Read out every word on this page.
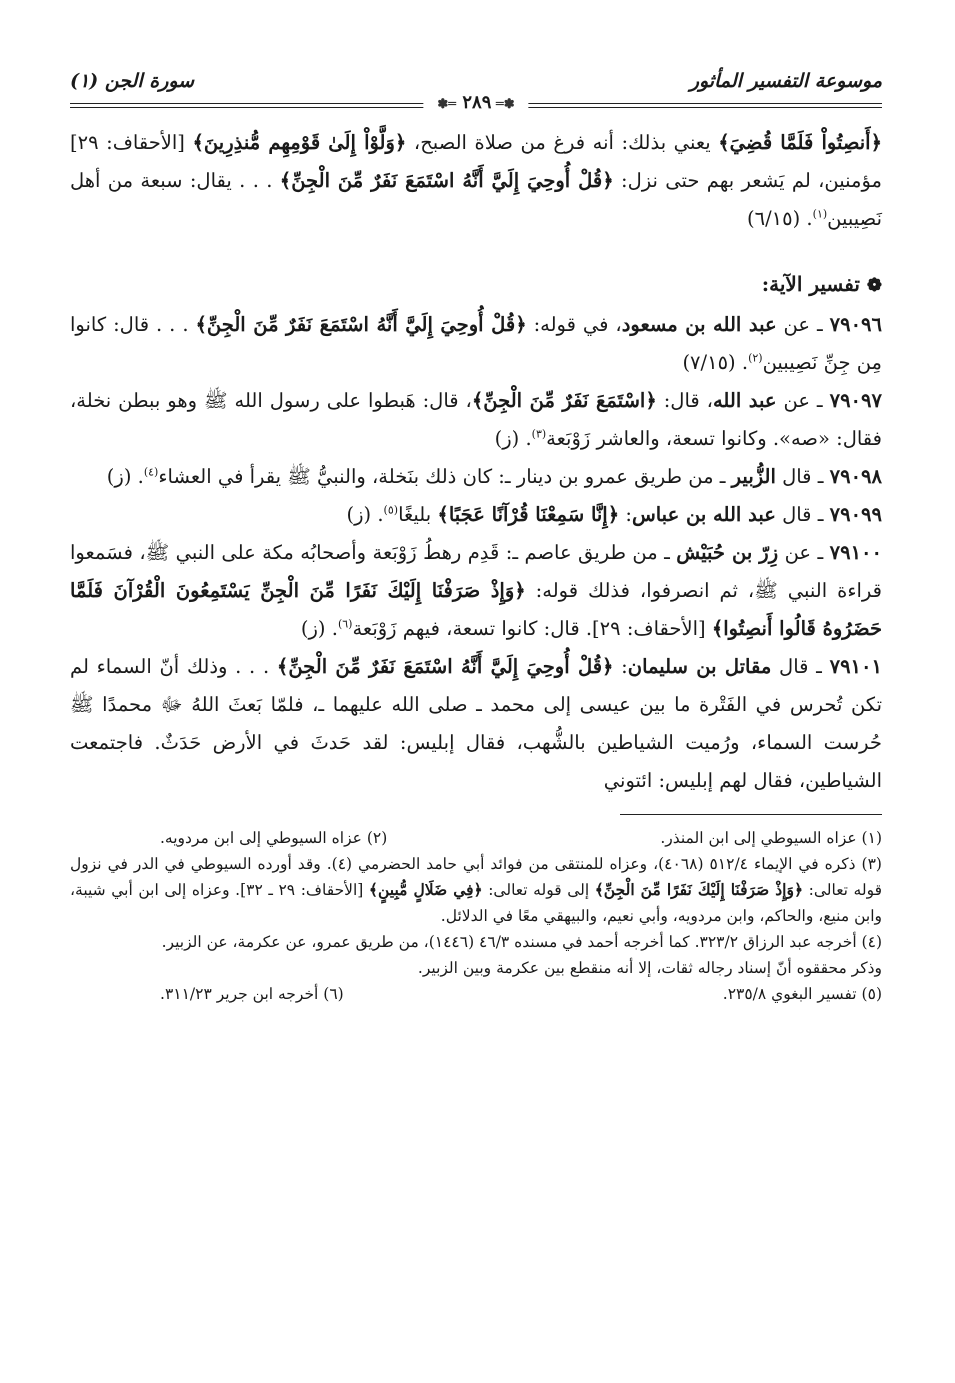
موسوعة التفسير المأثور
سورة الجن (١)
✽═ ٢٨٩ ═✽

﴿أَنصِتُواْ فَلَمَّا قُضِيَ﴾ يعني بذلك: أنه فرغ من صلاة الصبح، ﴿وَلَّوْاْ إِلَىٰ قَوْمِهِم مُّنذِرِينَ﴾ [الأحقاف: ٢٩] مؤمنين، لم يَشعر بهم حتى نزل: ﴿قُلْ أُوحِيَ إِلَيَّ أَنَّهُ اسْتَمَعَ نَفَرٌ مِّنَ الْجِنِّ﴾ . . . يقال: سبعة من أهل نَصِيبين$^{(١)}$. (٦/١٥)

❁ تفسير الآية:

٧٩٠٩٦ ـ عن عبد الله بن مسعود، في قوله: ﴿قُلْ أُوحِيَ إِلَيَّ أَنَّهُ اسْتَمَعَ نَفَرٌ مِّنَ الْجِنِّ﴾ . . . قال: كانوا مِن جِنِّ نَصِيبين$^{(٢)}$. (٧/١٥)

٧٩٠٩٧ ـ عن عبد الله، قال: ﴿اسْتَمَعَ نَفَرٌ مِّنَ الْجِنِّ﴾، قال: هَبطوا على رسول الله ﷺ وهو ببطن نخلة، فقال: «صه». وكانوا تسعة، والعاشر زَوْبَعة$^{(٣)}$. (ز)

٧٩٠٩٨ ـ قال الزُّبير ـ من طريق عمرو بن دينار ـ: كان ذلك بنَخلة، والنبيُّ ﷺ يقرأ في العشاء$^{(٤)}$. (ز)

٧٩٠٩٩ ـ قال عبد الله بن عباس: ﴿إِنَّا سَمِعْنَا قُرْآنًا عَجَبًا﴾ بليغًا$^{(٥)}$. (ز)

٧٩١٠٠ ـ عن زِرّ بن حُبَيْش ـ من طريق عاصم ـ: قَدِم رهطُ زَوْبَعة وأصحابُه مكة على النبي ﷺ، فسَمعوا قراءة النبي ﷺ، ثم انصرفوا، فذلك قوله: ﴿وَإِذْ صَرَفْنَا إِلَيْكَ نَفَرًا مِّنَ الْجِنِّ يَسْتَمِعُونَ الْقُرْآنَ فَلَمَّا حَضَرُوهُ قَالُوا أَنصِتُوا﴾ [الأحقاف: ٢٩]. قال: كانوا تسعة، فيهم زَوْبَعة$^{(٦)}$. (ز)

٧٩١٠١ ـ قال مقاتل بن سليمان: ﴿قُلْ أُوحِيَ إِلَيَّ أَنَّهُ اسْتَمَعَ نَفَرٌ مِّنَ الْجِنِّ﴾ . . . وذلك أنّ السماء لم تكن تُحرس في الفَتْرة ما بين عيسى إلى محمد ـ صلى الله عليهما ـ، فلمّا بَعثَ اللهُ ﷻ محمدًا ﷺ حُرست السماء، ورُميت الشياطين بالشُّهب، فقال إبليس: لقد حَدثَ في الأرض حَدَثٌ. فاجتمعت الشياطين، فقال لهم إبليس: ائتوني

(١) عزاه السيوطي إلى ابن المنذر.
(٢) عزاه السيوطي إلى ابن مردويه.

(٣) ذكره في الإيماء ٥١٢/٤ (٤٠٦٨)، وعزاه للمنتقى من فوائد أبي حامد الحضرمي (٤). وقد أورده السيوطي في الدر في نزول قوله تعالى: ﴿وَإِذْ صَرَفْنَا إِلَيْكَ نَفَرًا مِّنَ الْجِنِّ﴾ إلى قوله تعالى: ﴿فِي ضَلَالٍ مُّبِينٍ﴾ [الأحقاف: ٢٩ ـ ٣٢]. وعزاه إلى ابن أبي شيبة، وابن منيع، والحاكم، وابن مردويه، وأبي نعيم، والبيهقي معًا في الدلائل.

(٤) أخرجه عبد الرزاق ٣٢٣/٢. كما أخرجه أحمد في مسنده ٤٦/٣ (١٤٤٦)، من طريق عمرو، عن عكرمة، عن الزبير.

وذكر محققوه أنّ إسناد رجاله ثقات، إلا أنه منقطع بين عكرمة وبين الزبير.

(٥) تفسير البغوي ٢٣٥/٨.
(٦) أخرجه ابن جرير ٣١١/٢٣.
